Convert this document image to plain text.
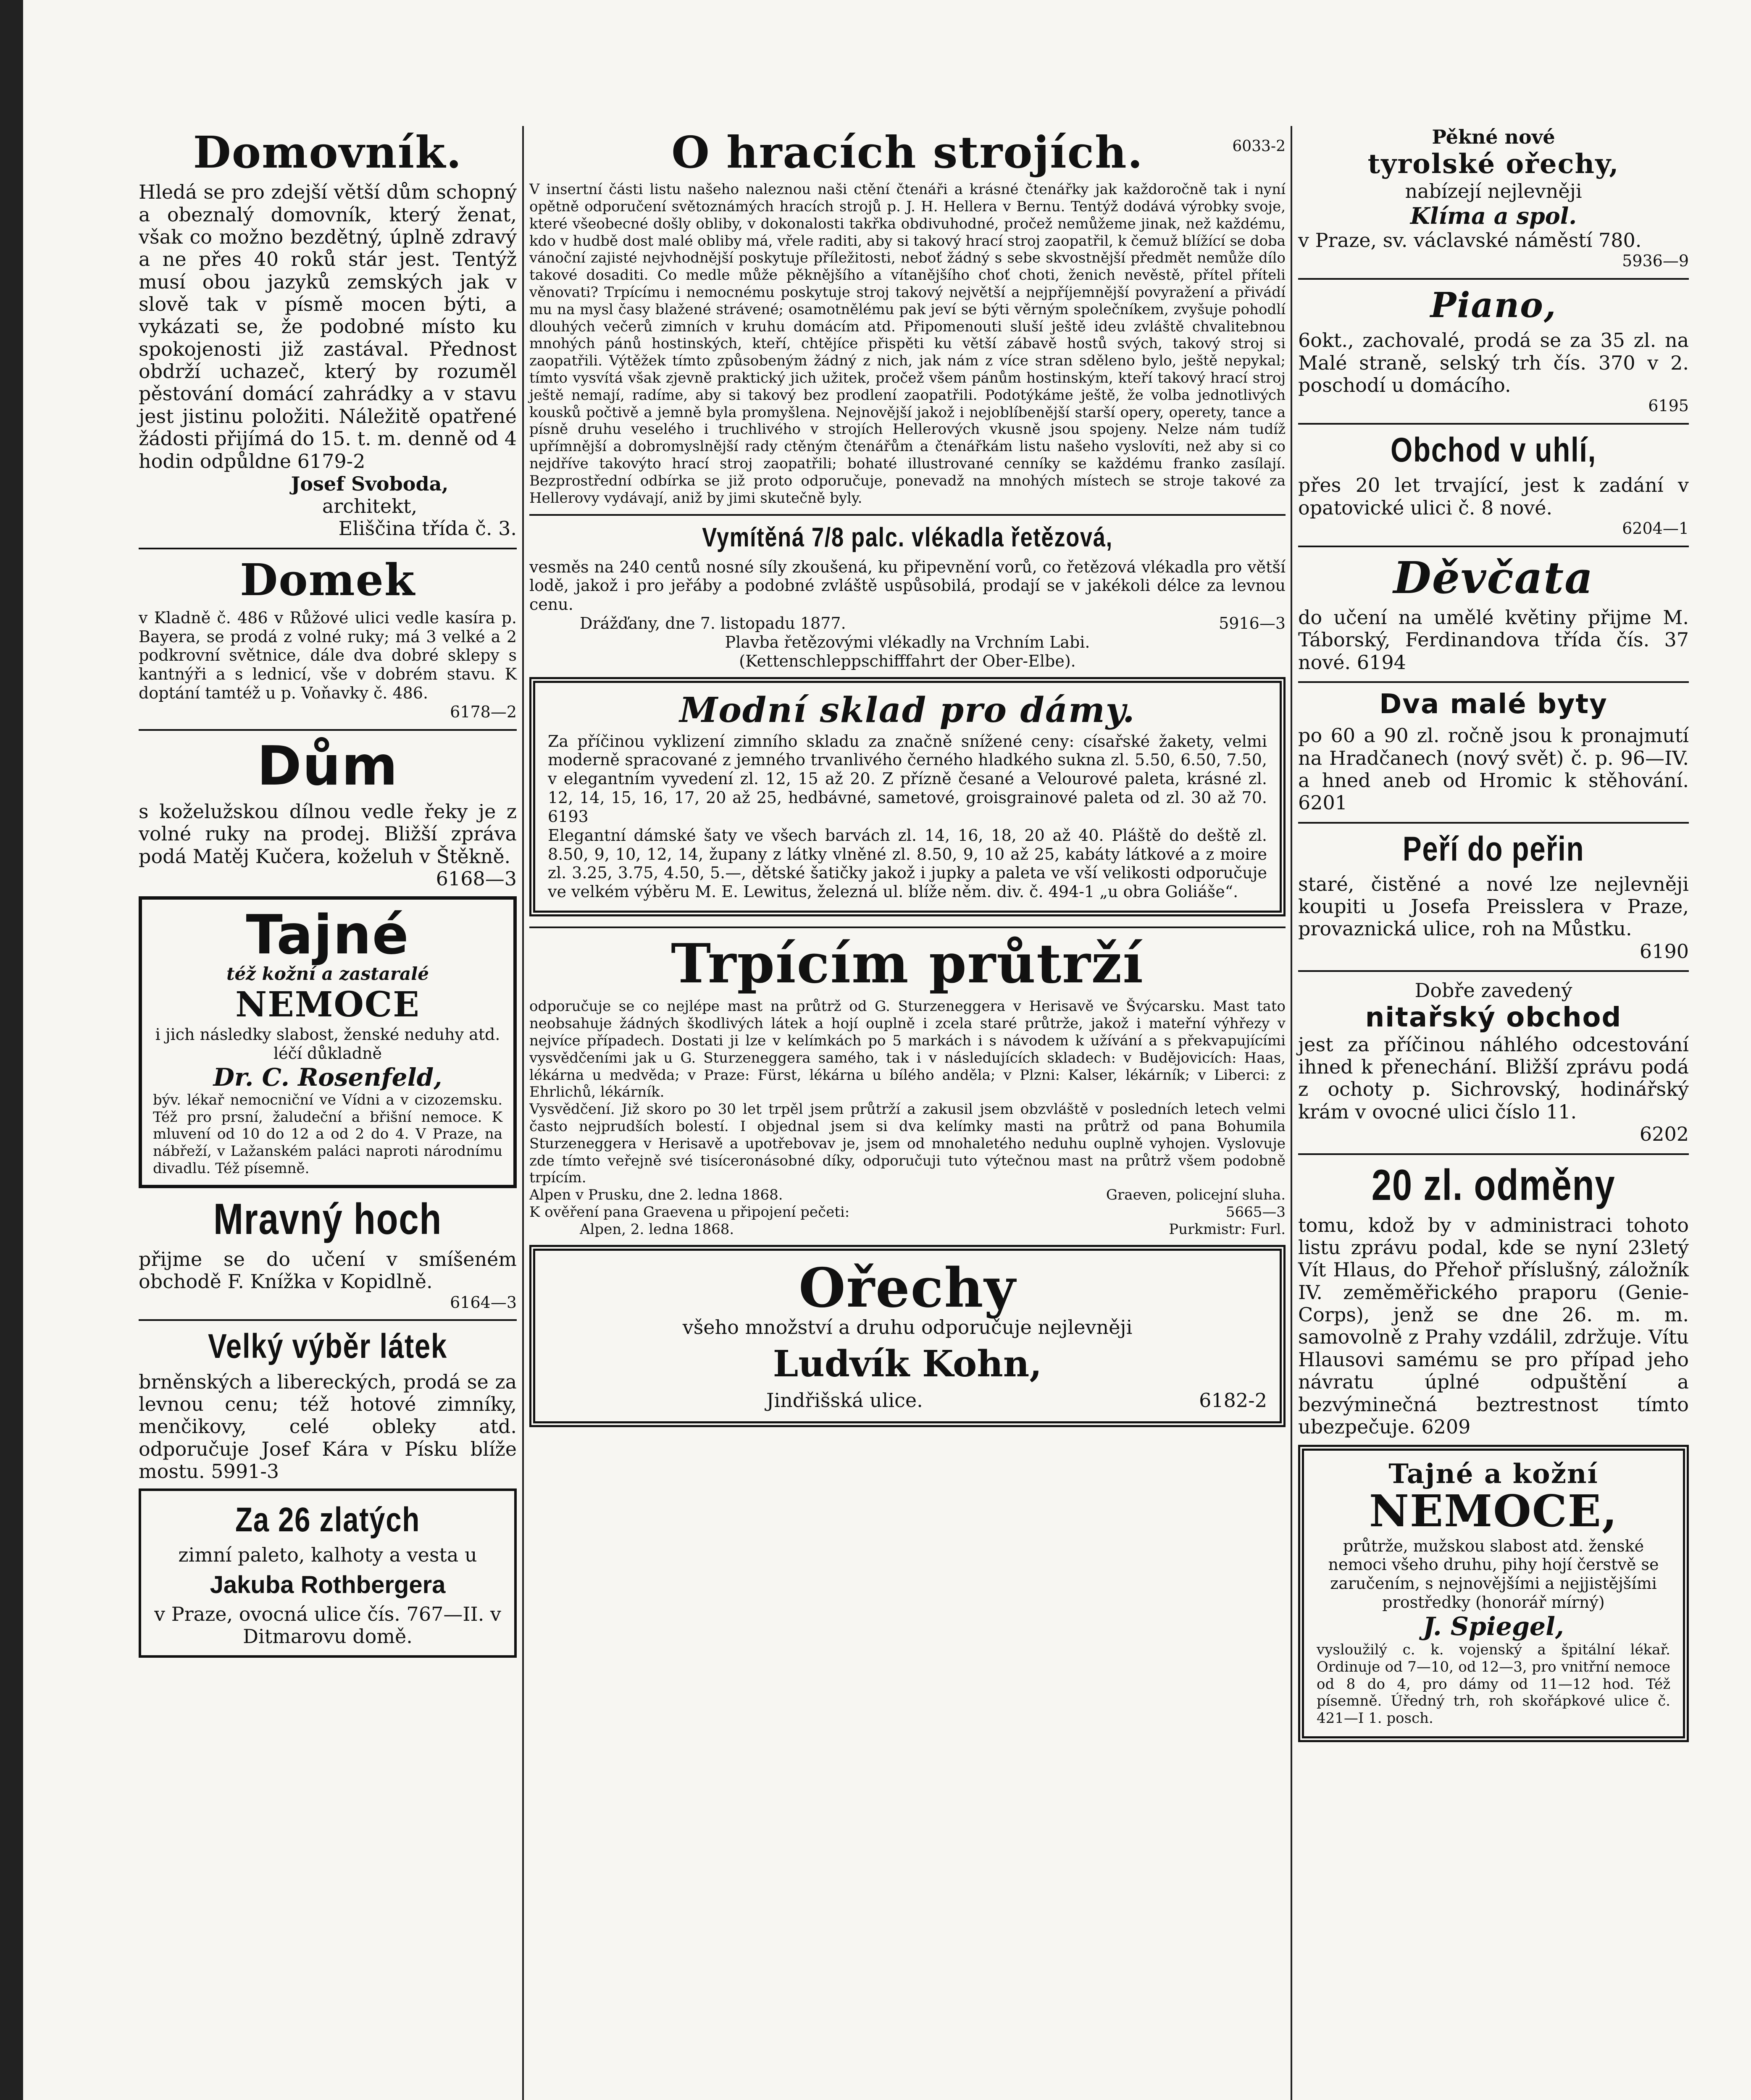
Domovník.

Hledá se pro zdejší větší dům schopný a obeznalý domovník, který ženat, však co možno bezdětný, úplně zdravý a ne přes 40 roků stár jest. Tentýž musí obou jazyků zemských jak v slově tak v písmě mocen býti, a vykázati se, že podobné místo ku spokojenosti již zastával. Přednost obdrží uchazeč, který by rozuměl pěstování domácí zahrádky a v stavu jest jistinu položiti. Náležitě opatřené žádosti přijímá do 15. t. m. denně od 4 hodin odpůldne 6179-2

Josef Svoboda,
architekt,
Eliščina třída č. 3.
Domek

v Kladně č. 486 v Růžové ulici vedle kasíra p. Bayera, se prodá z volné ruky; má 3 velké a 2 podkrovní světnice, dále dva dobré sklepy s kantnýři a s lednicí, vše v dobrém stavu. K doptání tamtéž u p. Voňavky č. 486.

6178—2
Dům

s koželužskou dílnou vedle řeky je z volné ruky na prodej. Bližší zpráva podá Matěj Kučera, koželuh v Štěkně.

6168—3
Tajné
též kožní a zastaralé
NEMOCE

i jich následky slabost, ženské neduhy atd. léčí důkladně

Dr. C. Rosenfeld,

býv. lékař nemocniční ve Vídni a v cizozemsku. Též pro prsní, žaludeční a břišní nemoce. K mluvení od 10 do 12 a od 2 do 4. V Praze, na nábřeží, v Lažanském paláci naproti národnímu divadlu. Též písemně.

Mravný hoch

přijme se do učení v smíšeném obchodě F. Knížka v Kopidlně.

6164—3
Velký výběr látek

brněnských a libereckých, prodá se za levnou cenu; též hotové zimníky, menčikovy, celé obleky atd. odporučuje Josef Kára v Písku blíže mostu. 5991-3

Za 26 zlatých

zimní paleto, kalhoty a vesta u

Jakuba Rothbergera

v Praze, ovocná ulice čís. 767—II. v Ditmarovu domě.

O hracích strojích.	6033-2

V insertní části listu našeho naleznou naši ctění čtenáři a krásné čtenářky jak každoročně tak i nyní opětně odporučení světoznámých hracích strojů p. J. H. Hellera v Bernu. Tentýž dodává výrobky svoje, které všeobecné došly obliby, v dokonalosti takřka obdivuhodné, pročež nemůžeme jinak, než každému, kdo v hudbě dost malé obliby má, vřele raditi, aby si takový hrací stroj zaopatřil, k čemuž blížící se doba vánoční zajisté nejvhodnější poskytuje příležitosti, neboť žádný s sebe skvostnější předmět nemůže dílo takové dosaditi. Co medle může pěknějšího a vítanějšího choť choti, ženich nevěstě, přítel příteli věnovati? Trpícímu i nemocnému poskytuje stroj takový největší a nejpříjemnější povyražení a přivádí mu na mysl časy blažené strávené; osamotnělému pak jeví se býti věrným společníkem, zvyšuje pohodlí dlouhých večerů zimních v kruhu domácím atd. Připomenouti sluší ještě ideu zvláště chvalitebnou mnohých pánů hostinských, kteří, chtějíce přispěti ku větší zábavě hostů svých, takový stroj si zaopatřili. Výtěžek tímto způsobeným žádný z nich, jak nám z více stran sděleno bylo, ještě nepykal; tímto vysvítá však zjevně praktický jich užitek, pročež všem pánům hostinským, kteří takový hrací stroj ještě nemají, radíme, aby si takový bez prodlení zaopatřili. Podotýkáme ještě, že volba jednotlivých kousků počtivě a jemně byla promyšlena. Nejnovější jakož i nejoblíbenější starší opery, operety, tance a písně druhu veselého i truchlivého v strojích Hellerových vkusně jsou spojeny. Nelze nám tudíž upřímnější a dobromyslnější rady ctěným čtenářům a čtenářkám listu našeho vyslovíti, než aby si co nejdříve takovýto hrací stroj zaopatřili; bohaté illustrované cenníky se každému franko zasílají. Bezprostřední odbírka se již proto odporučuje, ponevadž na mnohých místech se stroje takové za Hellerovy vydávají, aniž by jimi skutečně byly.

Vymítěná 7/8 palc. vlékadla řetězová,

vesměs na 240 centů nosné síly zkoušená, ku připevnění vorů, co řetězová vlékadla pro větší lodě, jakož i pro jeřáby a podobné zvláště uspůsobilá, prodají se v jakékoli délce za levnou cenu.

Drážďany, dne 7. listopadu 1877.	5916—3
Plavba řetězovými vlékadly na Vrchním Labi.
(Kettenschleppschifffahrt der Ober-Elbe).
Modní sklad pro dámy.

Za příčinou vyklizení zimního skladu za značně snížené ceny: císařské žakety, velmi moderně spracované z jemného trvanlivého černého hladkého sukna zl. 5.50, 6.50, 7.50, v elegantním vyvedení zl. 12, 15 až 20. Z přízně česané a Velourové paleta, krásné zl. 12, 14, 15, 16, 17, 20 až 25, hedbávné, sametové, groisgrainové paleta od zl. 30 až 70. 6193

Elegantní dámské šaty ve všech barvách zl. 14, 16, 18, 20 až 40. Pláště do deště zl. 8.50, 9, 10, 12, 14, župany z látky vlněné zl. 8.50, 9, 10 až 25, kabáty látkové a z moire zl. 3.25, 3.75, 4.50, 5.—, dětské šatičky jakož i jupky a paleta ve vší velikosti odporučuje ve velkém výběru M. E. Lewitus, železná ul. blíže něm. div. č. 494-1 „u obra Goliáše“.

Trpícím průtrží

odporučuje se co nejlépe mast na průtrž od G. Sturzeneggera v Herisavě ve Švýcarsku. Mast tato neobsahuje žádných škodlivých látek a hojí ouplně i zcela staré průtrže, jakož i mateřní výhřezy v nejvíce případech. Dostati ji lze v kelímkách po 5 markách i s návodem k užívání a s překvapujícími vysvědčeními jak u G. Sturzeneggera samého, tak i v následujících skladech: v Budějovicích: Haas, lékárna u medvěda; v Praze: Fürst, lékárna u bílého anděla; v Plzni: Kalser, lékárník; v Liberci: z Ehrlichů, lékárník.

Vysvědčení. Již skoro po 30 let trpěl jsem průtrží a zakusil jsem obzvláště v posledních letech velmi často nejprudších bolestí. I objednal jsem si dva kelímky masti na průtrž od pana Bohumila Sturzeneggera v Herisavě a upotřebovav je, jsem od mnohaletého neduhu ouplně vyhojen. Vyslovuje zde tímto veřejně své tisíceronásobné díky, odporučuji tuto výtečnou mast na průtrž všem podobně trpícím.

Alpen v Prusku, dne 2. ledna 1868.	Graeven, policejní sluha.
K ověření pana Graevena u připojení pečeti:	5665—3
Alpen, 2. ledna 1868.	Purkmistr: Furl.
Ořechy

všeho množství a druhu odporučuje nejlevněji

Ludvík Kohn,
Jindřišská ulice.	6182-2
Pěkné nové
tyrolské ořechy,

nabízejí nejlevněji

Klíma a spol.

v Praze, sv. václavské náměstí 780.

5936—9
Piano,

6okt., zachovalé, prodá se za 35 zl. na Malé straně, selský trh čís. 370 v 2. poschodí u domácího.

6195
Obchod v uhlí,

přes 20 let trvající, jest k zadání v opatovické ulici č. 8 nové.

6204—1
Děvčata

do učení na umělé květiny přijme M. Táborský, Ferdinandova třída čís. 37 nové. 6194

Dva malé byty

po 60 a 90 zl. ročně jsou k pronajmutí na Hradčanech (nový svět) č. p. 96—IV. a hned aneb od Hromic k stěhování. 6201

Peří do peřin

staré, čistěné a nové lze nejlevněji koupiti u Josefa Preisslera v Praze, provaznická ulice, roh na Můstku.

6190
Dobře zavedený
nitařský obchod

jest za příčinou náhlého odcestování ihned k přenechání. Bližší zprávu podá z ochoty p. Sichrovský, hodinářský krám v ovocné ulici číslo 11.

6202
20 zl. odměny

tomu, kdož by v administraci tohoto listu zprávu podal, kde se nyní 23letý Vít Hlaus, do Přehoř příslušný, záložník IV. zeměměřického praporu (Genie-Corps), jenž se dne 26. m. m. samovolně z Prahy vzdálil, zdržuje. Vítu Hlausovi samému se pro případ jeho návratu úplné odpuštění a bezvýminečná beztrestnost tímto ubezpečuje. 6209

Tajné a kožní
NEMOCE,

průtrže, mužskou slabost atd. ženské nemoci všeho druhu, pihy hojí čerstvě se zaručením, s nejnovějšími a nejjistějšími prostředky (honorář mírný)

J. Spiegel,

vysloužilý c. k. vojenský a špitální lékař. Ordinuje od 7—10, od 12—3, pro vnitřní nemoce od 8 do 4, pro dámy od 11—12 hod. Též písemně. Úředný trh, roh skořápkové ulice č. 421—I 1. posch.
